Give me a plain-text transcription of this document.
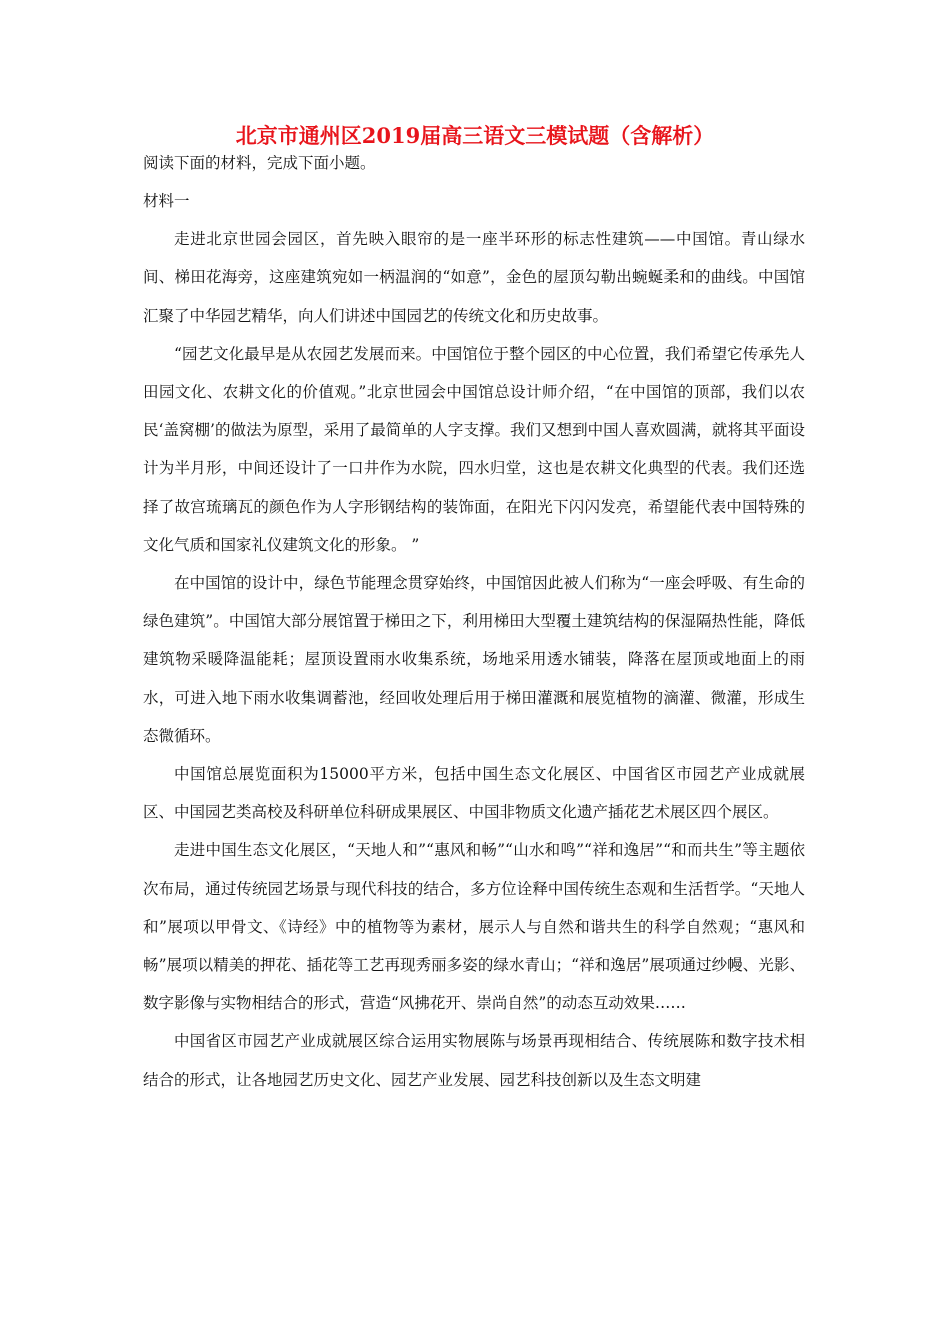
北京市通州区2019届高三语文三模试题（含解析）

阅读下面的材料，完成下面小题。

材料一

走进北京世园会园区，首先映入眼帘的是一座半环形的标志性建筑——中国馆。青山绿水间、梯田花海旁，这座建筑宛如一柄温润的“如意”，金色的屋顶勾勒出蜿蜒柔和的曲线。中国馆汇聚了中华园艺精华，向人们讲述中国园艺的传统文化和历史故事。

“园艺文化最早是从农园艺发展而来。中国馆位于整个园区的中心位置，我们希望它传承先人田园文化、农耕文化的价值观。”北京世园会中国馆总设计师介绍，“在中国馆的顶部，我们以农民‘盖窝棚’的做法为原型，采用了最简单的人字支撑。我们又想到中国人喜欢圆满，就将其平面设计为半月形，中间还设计了一口井作为水院，四水归堂，这也是农耕文化典型的代表。我们还选择了故宫琉璃瓦的颜色作为人字形钢结构的装饰面，在阳光下闪闪发亮，希望能代表中国特殊的文化气质和国家礼仪建筑文化的形象。 ”

在中国馆的设计中，绿色节能理念贯穿始终，中国馆因此被人们称为“一座会呼吸、有生命的绿色建筑”。中国馆大部分展馆置于梯田之下，利用梯田大型覆土建筑结构的保湿隔热性能，降低建筑物采暖降温能耗；屋顶设置雨水收集系统，场地采用透水铺装，降落在屋顶或地面上的雨水，可进入地下雨水收集调蓄池，经回收处理后用于梯田灌溉和展览植物的滴灌、微灌，形成生态微循环。

中国馆总展览面积为15000平方米，包括中国生态文化展区、中国省区市园艺产业成就展区、中国园艺类高校及科研单位科研成果展区、中国非物质文化遗产插花艺术展区四个展区。

走进中国生态文化展区，“天地人和”“惠风和畅”“山水和鸣”“祥和逸居”“和而共生”等主题依次布局，通过传统园艺场景与现代科技的结合，多方位诠释中国传统生态观和生活哲学。“天地人和”展项以甲骨文、《诗经》中的植物等为素材，展示人与自然和谐共生的科学自然观；“惠风和畅”展项以精美的押花、插花等工艺再现秀丽多姿的绿水青山；“祥和逸居”展项通过纱幔、光影、数字影像与实物相结合的形式，营造“风拂花开、崇尚自然”的动态互动效果……

中国省区市园艺产业成就展区综合运用实物展陈与场景再现相结合、传统展陈和数字技术相结合的形式，让各地园艺历史文化、园艺产业发展、园艺科技创新以及生态文明建
